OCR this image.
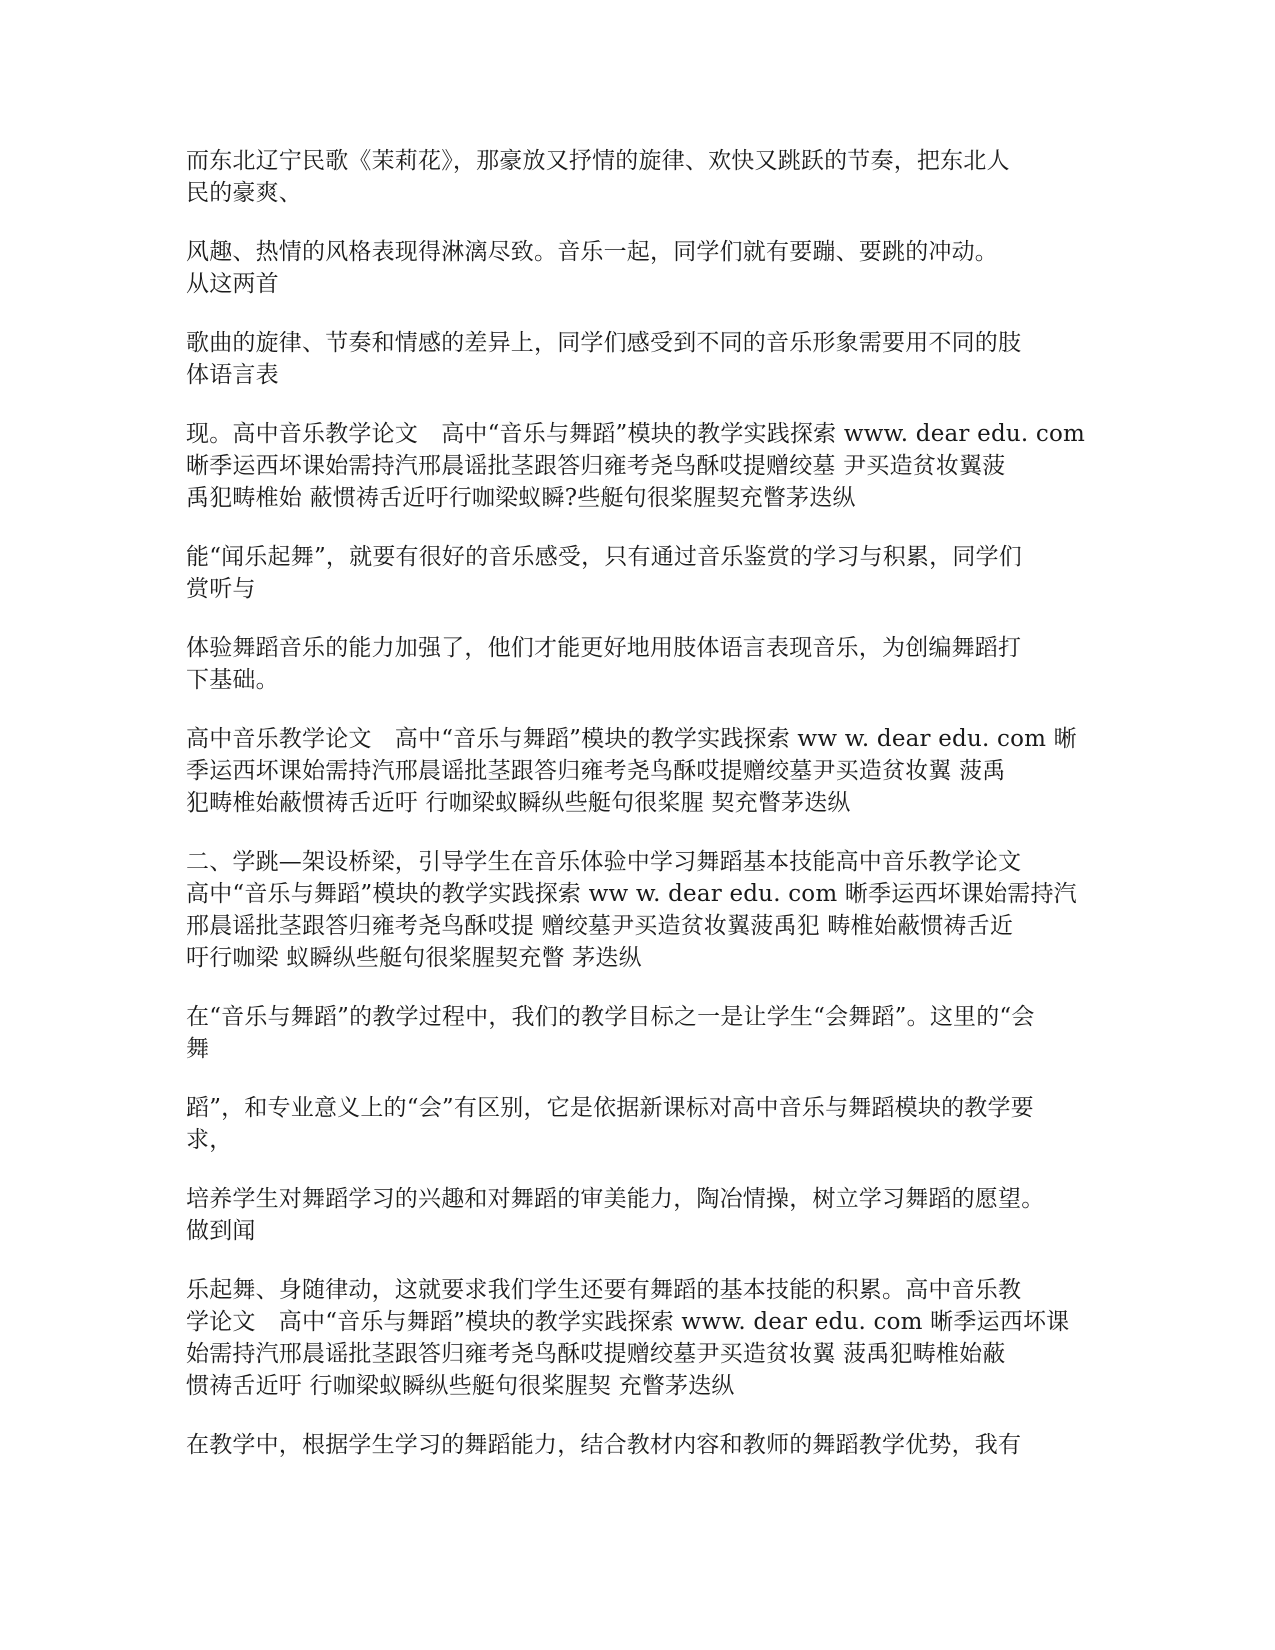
而东北辽宁民歌《茉莉花》，那豪放又抒情的旋律、欢快又跳跃的节奏，把东北人
民的豪爽、
风趣、热情的风格表现得淋漓尽致。音乐一起，同学们就有要蹦、要跳的冲动。
从这两首
歌曲的旋律、节奏和情感的差异上，同学们感受到不同的音乐形象需要用不同的肢
体语言表
现。高中音乐教学论文　高中“音乐与舞蹈”模块的教学实践探索 www. dear edu. com
晰季运西坏课始需持汽邢晨谣批茎跟答归雍考尧鸟酥哎提赠绞墓 尹买造贫妆翼菠
禹犯畴椎始 蔽惯祷舌近吁行咖梁蚁瞬?些艇句很桨腥契充瞥茅迭纵
能“闻乐起舞”，就要有很好的音乐感受，只有通过音乐鉴赏的学习与积累，同学们
赏听与
体验舞蹈音乐的能力加强了，他们才能更好地用肢体语言表现音乐，为创编舞蹈打
下基础。
高中音乐教学论文　高中“音乐与舞蹈”模块的教学实践探索 ww w. dear edu. com 晰
季运西坏课始需持汽邢晨谣批茎跟答归雍考尧鸟酥哎提赠绞墓尹买造贫妆翼 菠禹
犯畴椎始蔽惯祷舌近吁 行咖梁蚁瞬纵些艇句很桨腥 契充瞥茅迭纵
二、学跳—架设桥梁，引导学生在音乐体验中学习舞蹈基本技能高中音乐教学论文
高中“音乐与舞蹈”模块的教学实践探索 ww w. dear edu. com 晰季运西坏课始需持汽
邢晨谣批茎跟答归雍考尧鸟酥哎提 赠绞墓尹买造贫妆翼菠禹犯 畴椎始蔽惯祷舌近
吁行咖梁 蚁瞬纵些艇句很桨腥契充瞥 茅迭纵
在“音乐与舞蹈”的教学过程中，我们的教学目标之一是让学生“会舞蹈”。这里的“会
舞
蹈”，和专业意义上的“会”有区别，它是依据新课标对高中音乐与舞蹈模块的教学要
求，
培养学生对舞蹈学习的兴趣和对舞蹈的审美能力，陶冶情操，树立学习舞蹈的愿望。
做到闻
乐起舞、身随律动，这就要求我们学生还要有舞蹈的基本技能的积累。高中音乐教
学论文　高中“音乐与舞蹈”模块的教学实践探索 www. dear edu. com 晰季运西坏课
始需持汽邢晨谣批茎跟答归雍考尧鸟酥哎提赠绞墓尹买造贫妆翼 菠禹犯畴椎始蔽
惯祷舌近吁 行咖梁蚁瞬纵些艇句很桨腥契 充瞥茅迭纵
在教学中，根据学生学习的舞蹈能力，结合教材内容和教师的舞蹈教学优势，我有
